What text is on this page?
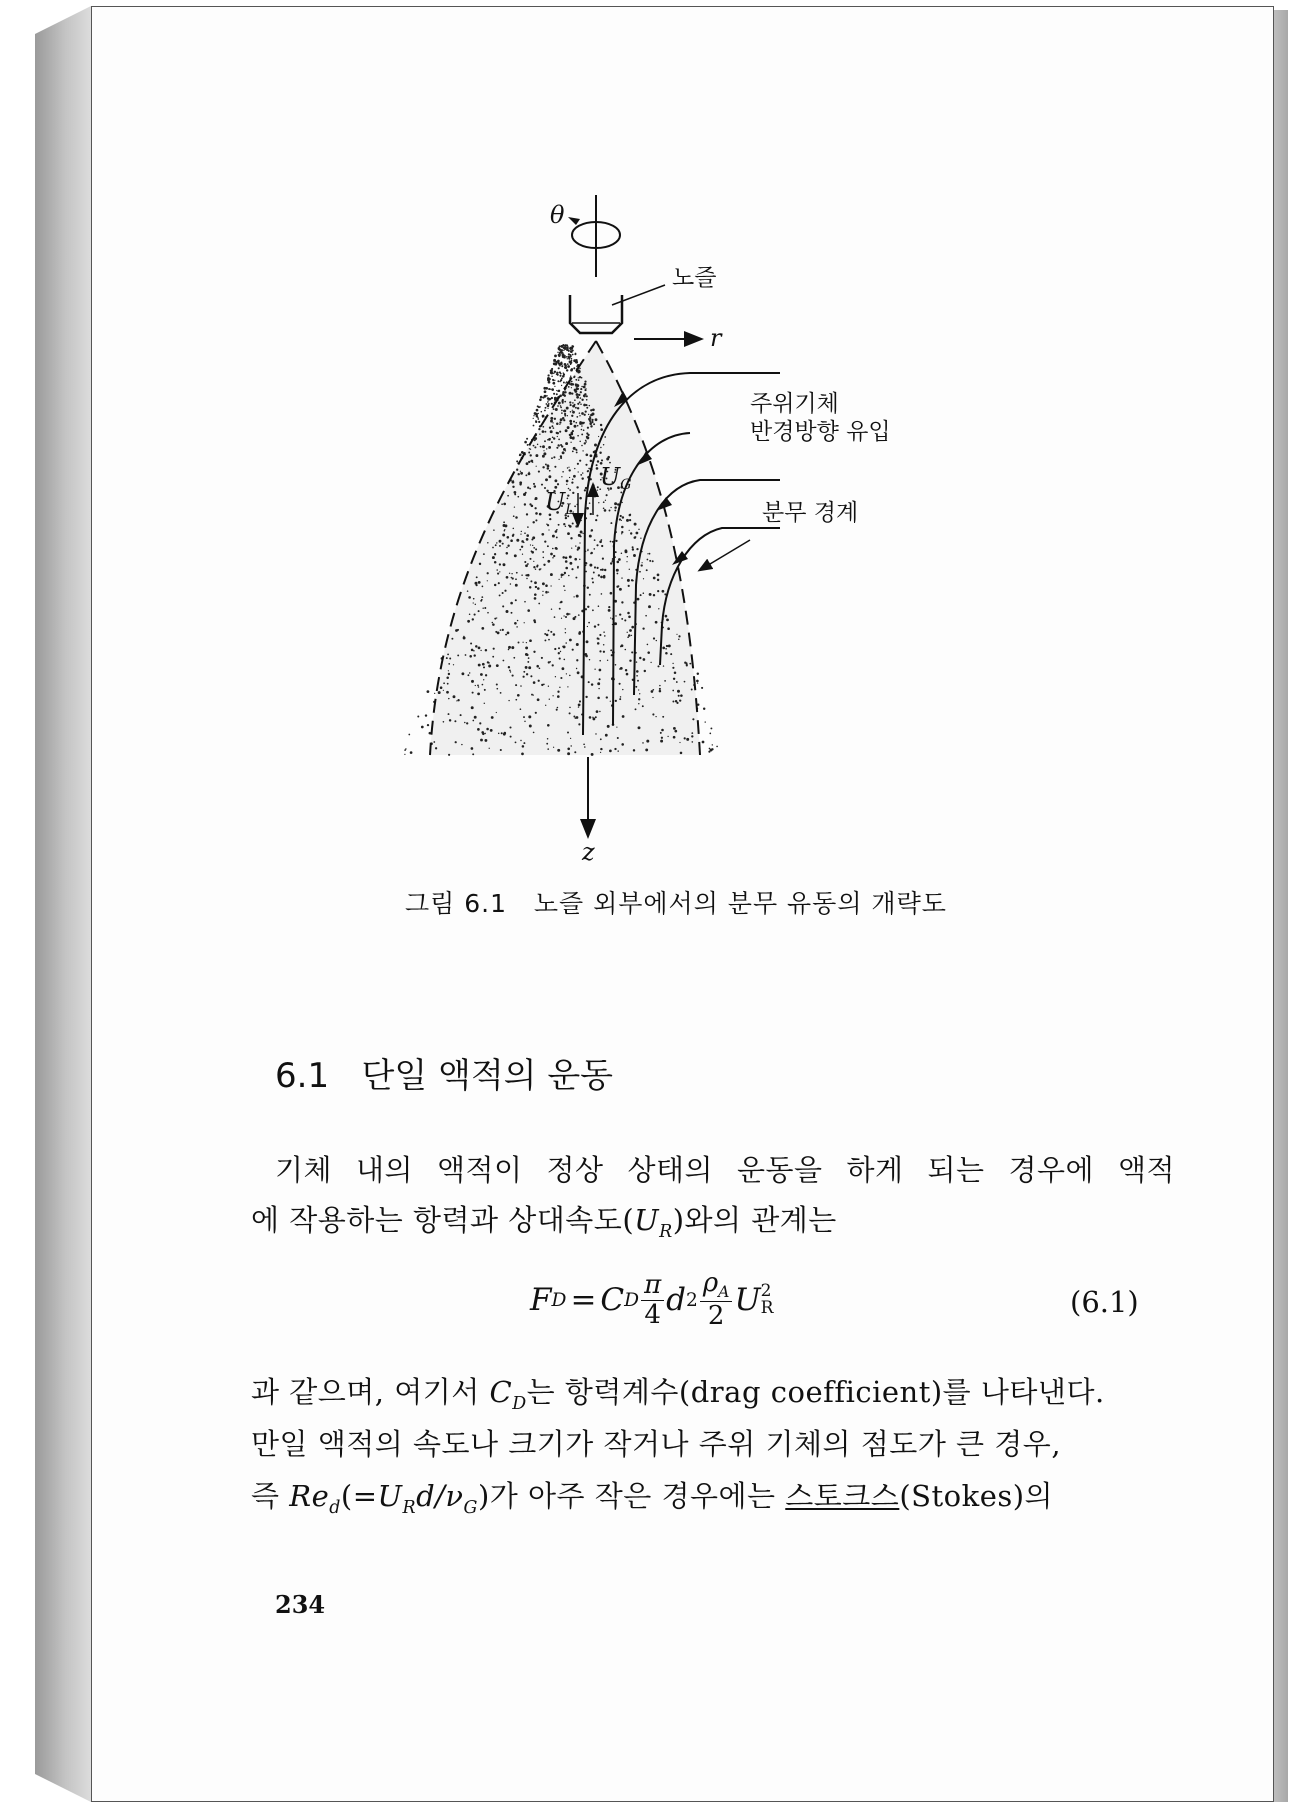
θ
노즐
r
주위기체
반경방향 유입
UG
UL	분무 경계
z
그림 6.1   노즐 외부에서의 분무 유동의 개략도
6.1   단일 액적의 운동
기체 내의 액적이 정상 상태의 운동을 하게 되는 경우에 액적
에 작용하는 항력과 상대속도$(U_R)$와의 관계는
F D = C D $\frac{\pi}{4}$ d $2 \frac{\rho_A}{2}$ U 2
R	(6.1)
과 같으며, 여기서 $C_D$는 항력계수(drag coefficient)를 나타낸다.
만일 액적의 속도나 크기가 작거나 주위 기체의 점도가 큰 경우,
즉 $Re_d(=U_Rd/\nu_G)$가 아주 작은 경우에는 스토크스(Stokes)의
234
